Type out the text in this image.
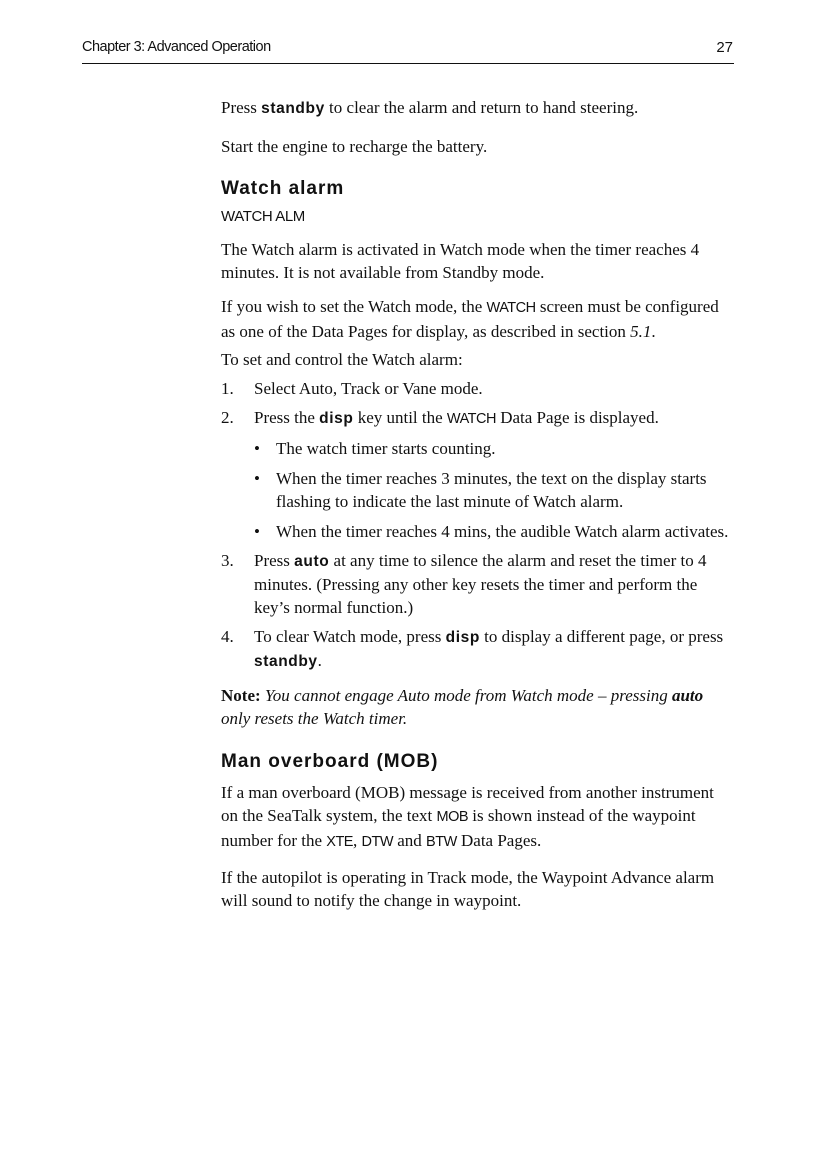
Chapter 3: Advanced Operation	27

Press standby to clear the alarm and return to hand steering.

Start the engine to recharge the battery.

Watch alarm
WATCH ALM

The Watch alarm is activated in Watch mode when the timer reaches 4 minutes. It is not available from Standby mode.

If you wish to set the Watch mode, the WATCH screen must be configured as one of the Data Pages for display, as described in section 5.1.

To set and control the Watch alarm:

1. Select Auto, Track or Vane mode.
2. Press the disp key until the WATCH Data Page is displayed.
• The watch timer starts counting.
• When the timer reaches 3 minutes, the text on the display starts flashing to indicate the last minute of Watch alarm.
• When the timer reaches 4 mins, the audible Watch alarm activates.
3. Press auto at any time to silence the alarm and reset the timer to 4 minutes. (Pressing any other key resets the timer and perform the key’s normal function.)
4. To clear Watch mode, press disp to display a different page, or press standby.

Note: You cannot engage Auto mode from Watch mode – pressing auto only resets the Watch timer.

Man overboard (MOB)

If a man overboard (MOB) message is received from another instrument on the SeaTalk system, the text MOB is shown instead of the waypoint number for the XTE, DTW and BTW Data Pages.

If the autopilot is operating in Track mode, the Waypoint Advance alarm will sound to notify the change in waypoint.
